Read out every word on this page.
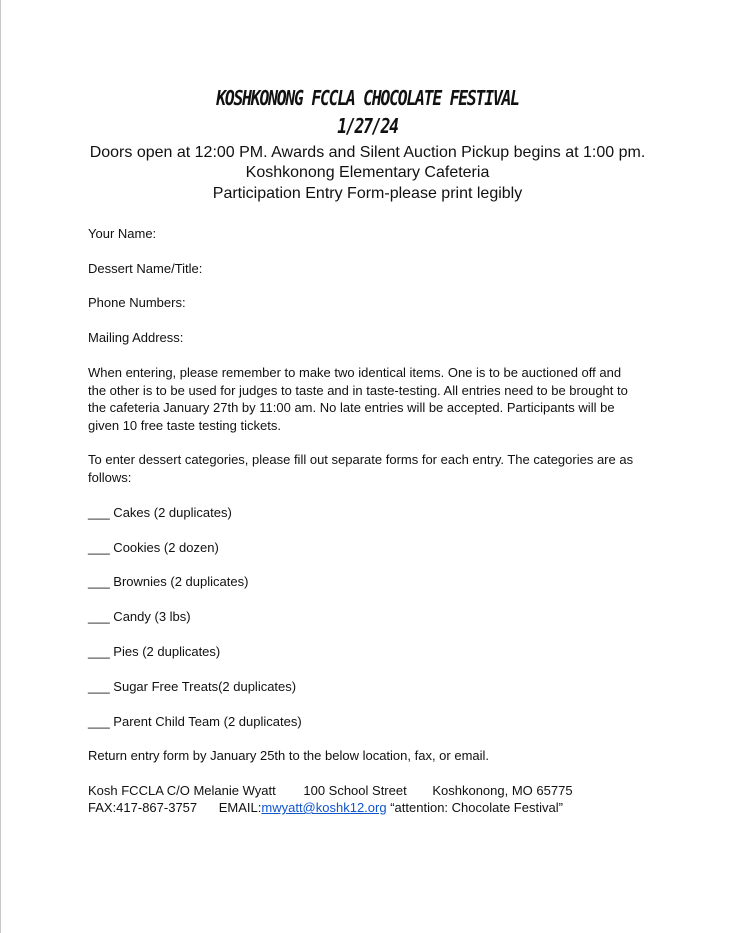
KOSHKONONG FCCLA CHOCOLATE FESTIVAL
1/27/24
Doors open at 12:00 PM. Awards and Silent Auction Pickup begins at 1:00 pm.
Koshkonong Elementary Cafeteria
Participation Entry Form-please print legibly
Your Name:
Dessert Name/Title:
Phone Numbers:
Mailing Address:
When entering, please remember to make two identical items. One is to be auctioned off and
the other is to be used for judges to taste and in taste-testing. All entries need to be brought to
the cafeteria January 27th by 11:00 am. No late entries will be accepted. Participants will be
given 10 free taste testing tickets.
To enter dessert categories, please fill out separate forms for each entry. The categories are as
follows:
___ Cakes (2 duplicates)
___ Cookies (2 dozen)
___ Brownies (2 duplicates)
___ Candy (3 lbs)
___ Pies (2 duplicates)
___ Sugar Free Treats(2 duplicates)
___ Parent Child Team (2 duplicates)
Return entry form by January 25th to the below location, fax, or email.
Kosh FCCLA C/O Melanie Wyatt 100 School Street Koshkonong, MO 65775
FAX:417-867-3757 EMAIL:mwyatt@koshk12.org “attention: Chocolate Festival”
